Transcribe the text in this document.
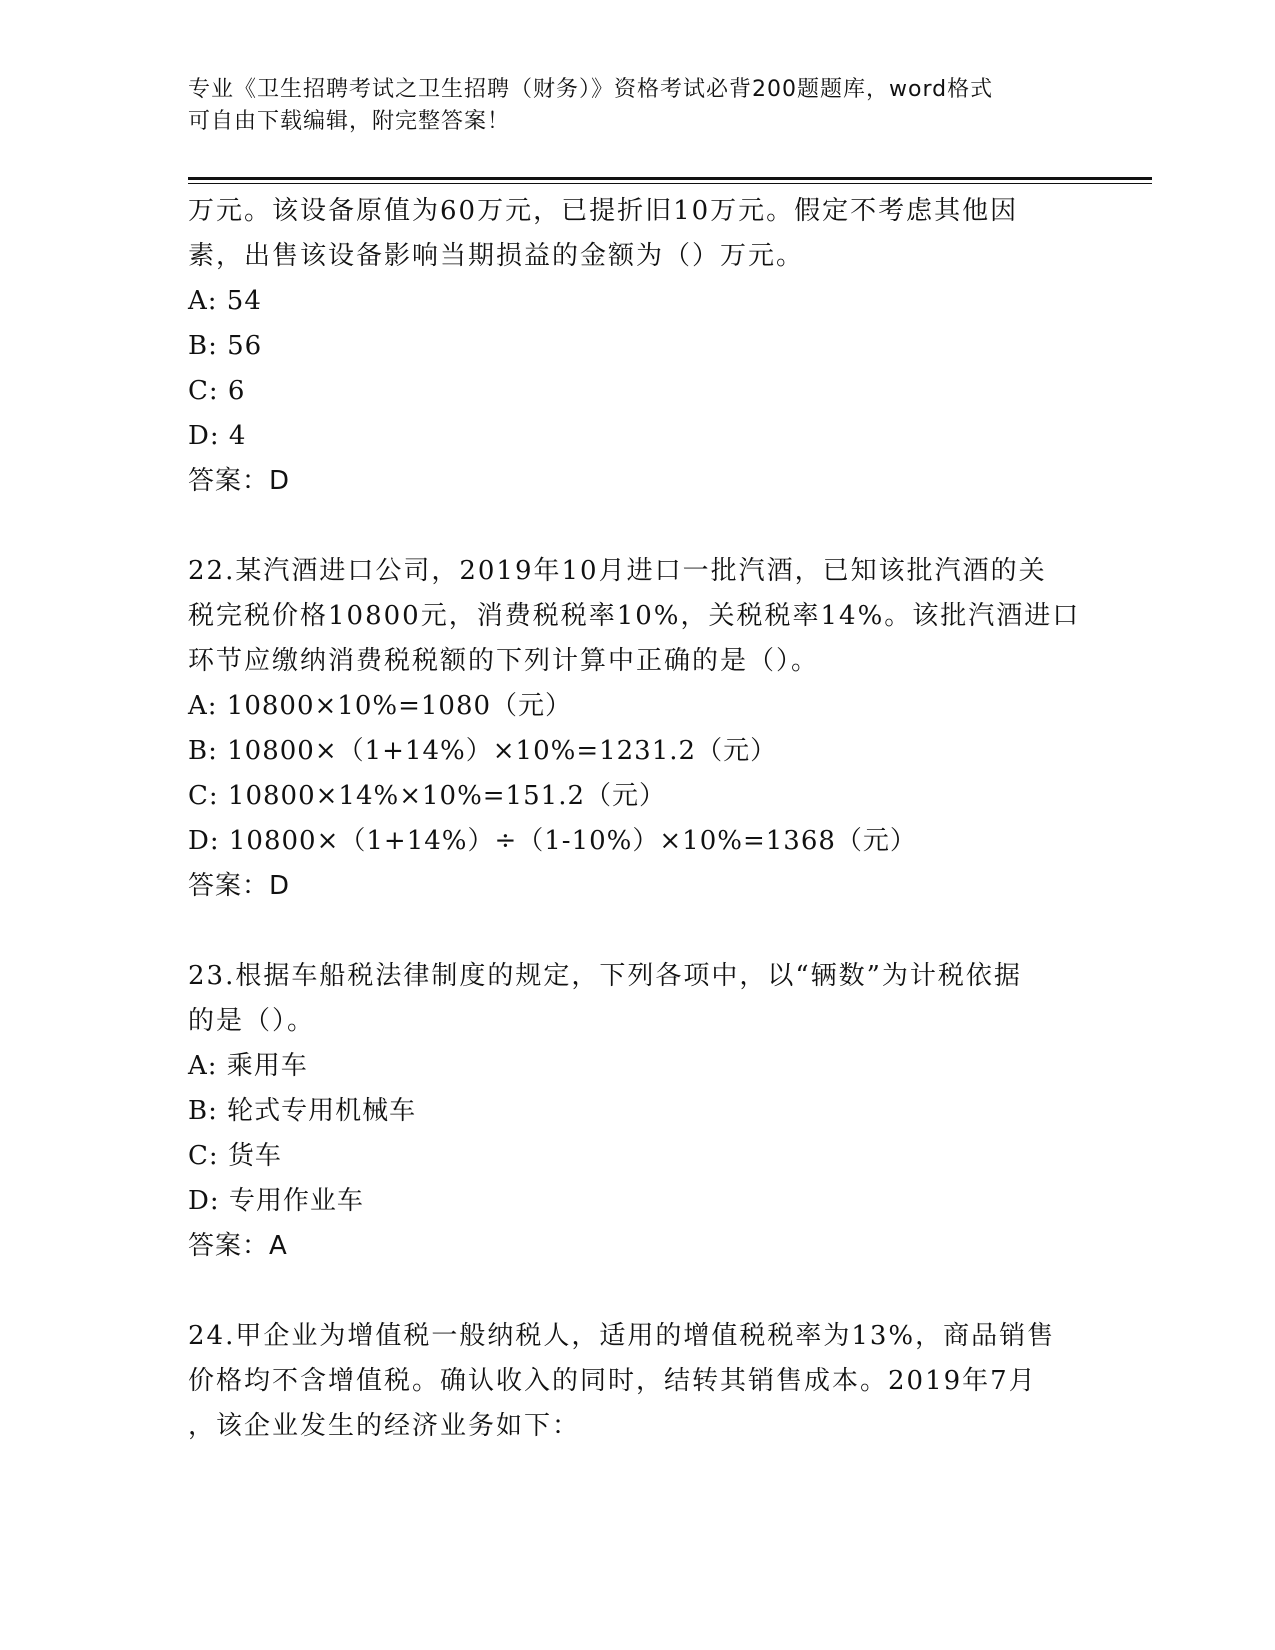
专业《卫生招聘考试之卫生招聘（财务）》资格考试必背200题题库，word格式
可自由下载编辑，附完整答案！
万元。该设备原值为60万元，已提折旧10万元。假定不考虑其他因
素，出售该设备影响当期损益的金额为（）万元。
A: 54
B: 56
C: 6
D: 4
答案：D
22.某汽酒进口公司，2019年10月进口一批汽酒，已知该批汽酒的关
税完税价格10800元，消费税税率10%，关税税率14%。该批汽酒进口
环节应缴纳消费税税额的下列计算中正确的是（）。
A: 10800×10%=1080（元）
B: 10800×（1+14%）×10%=1231.2（元）
C: 10800×14%×10%=151.2（元）
D: 10800×（1+14%）÷（1-10%）×10%=1368（元）
答案：D
23.根据车船税法律制度的规定，下列各项中，以“辆数”为计税依据
的是（）。
A: 乘用车
B: 轮式专用机械车
C: 货车
D: 专用作业车
答案：A
24.甲企业为增值税一般纳税人，适用的增值税税率为13%，商品销售
价格均不含增值税。确认收入的同时，结转其销售成本。2019年7月
，该企业发生的经济业务如下：
